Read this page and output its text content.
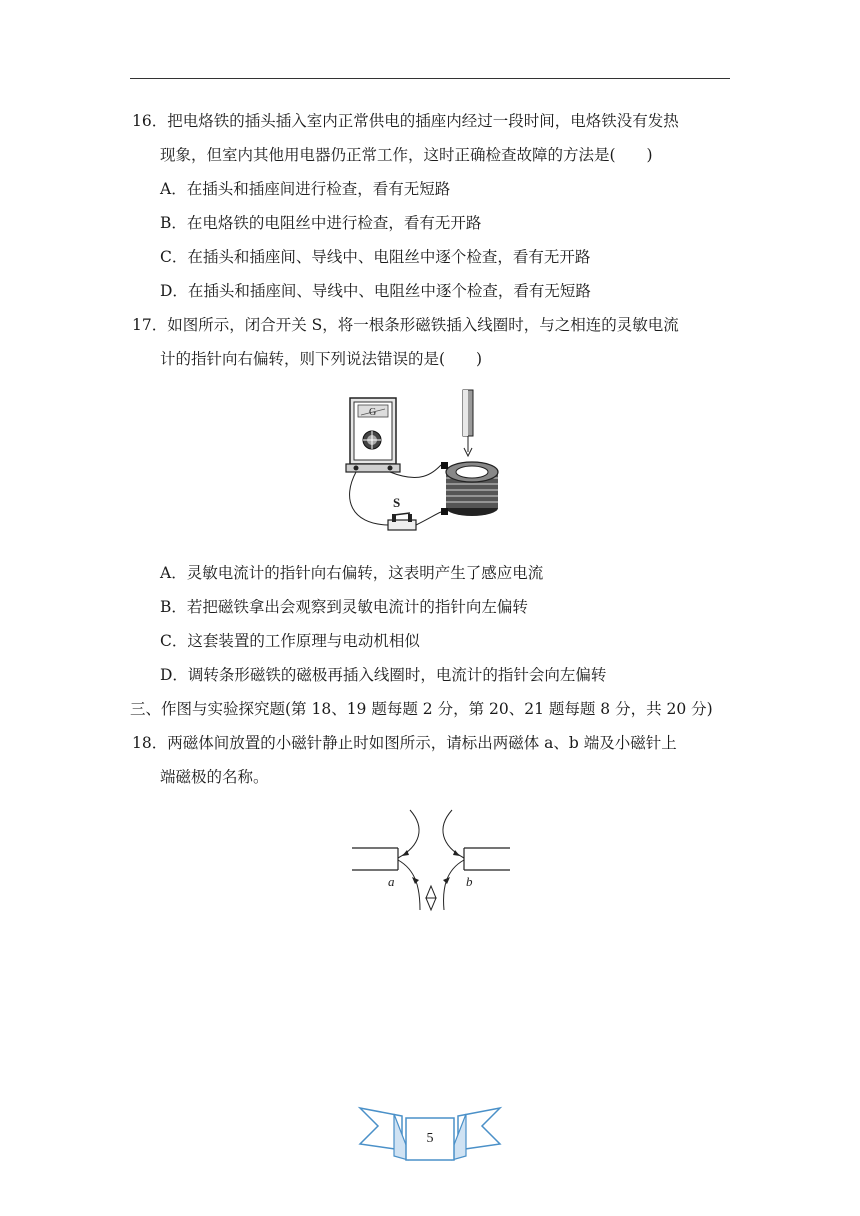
16．把电烙铁的插头插入室内正常供电的插座内经过一段时间，电烙铁没有发热
现象，但室内其他用电器仍正常工作，这时正确检查故障的方法是(　　)
A．在插头和插座间进行检查，看有无短路
B．在电烙铁的电阻丝中进行检查，看有无开路
C．在插头和插座间、导线中、电阻丝中逐个检查，看有无开路
D．在插头和插座间、导线中、电阻丝中逐个检查，看有无短路
17．如图所示，闭合开关 S，将一根条形磁铁插入线圈时，与之相连的灵敏电流
计的指针向右偏转，则下列说法错误的是(　　)
G
S
A．灵敏电流计的指针向右偏转，这表明产生了感应电流
B．若把磁铁拿出会观察到灵敏电流计的指针向左偏转
C．这套装置的工作原理与电动机相似
D．调转条形磁铁的磁极再插入线圈时，电流计的指针会向左偏转
三、作图与实验探究题(第 18、19 题每题 2 分，第 20、21 题每题 8 分，共 20 分)
18．两磁体间放置的小磁针静止时如图所示，请标出两磁体 a、b 端及小磁针上
端磁极的名称。
a	b
5
